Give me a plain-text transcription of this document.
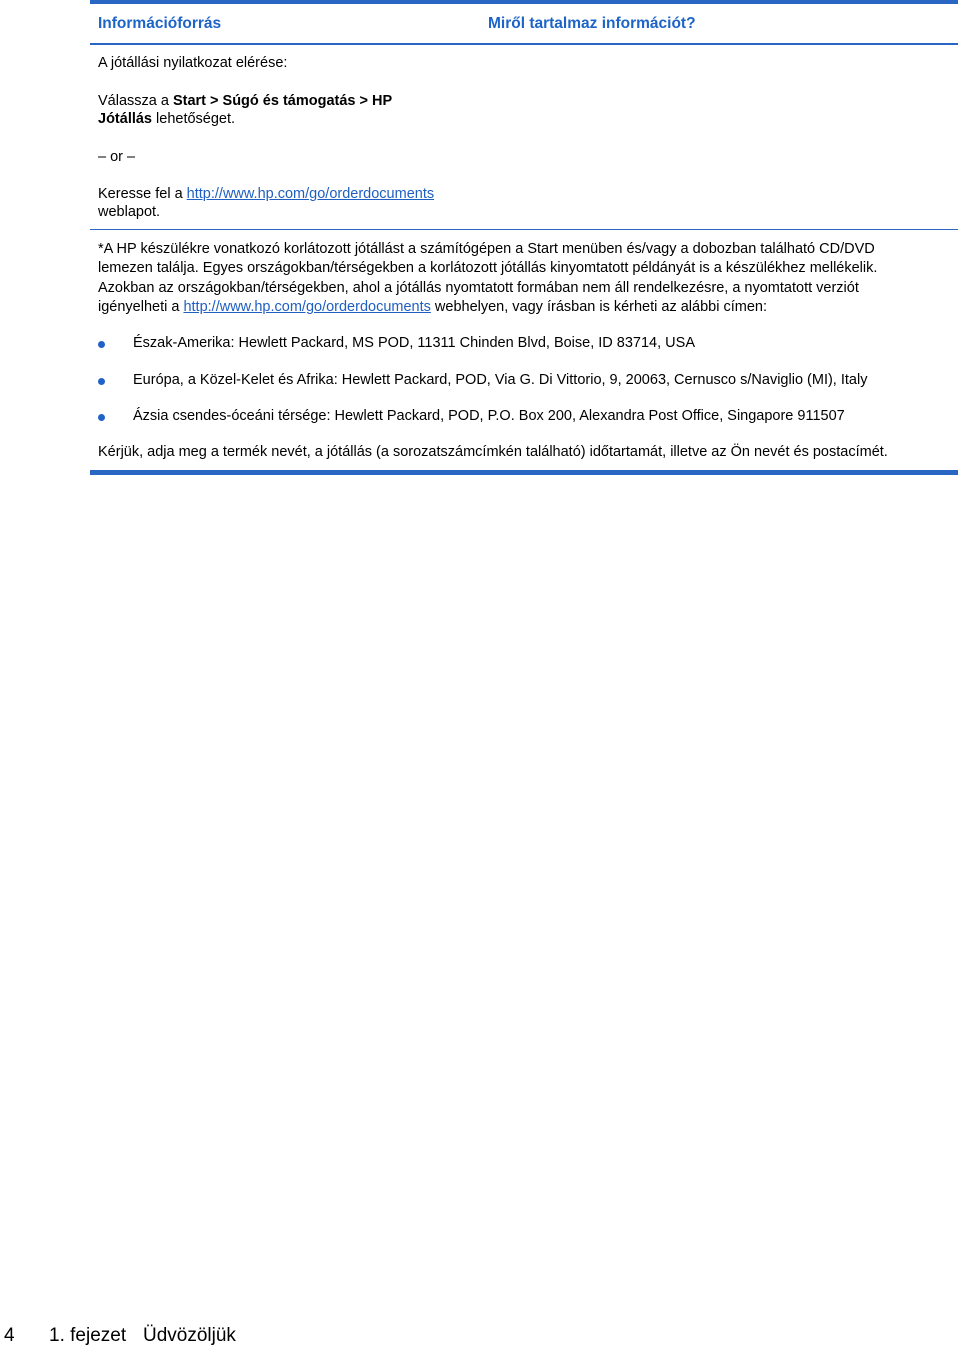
Információforrás	Miről tartalmaz információt?
A jótállási nyilatkozat elérése:
Válassza a Start > Súgó és támogatás > HP
Jótállás lehetőséget.
– or –
Keresse fel a http://www.hp.com/go/orderdocuments
weblapot.
*A HP készülékre vonatkozó korlátozott jótállást a számítógépen a Start menüben és/vagy a dobozban található CD/DVD
lemezen találja. Egyes országokban/térségekben a korlátozott jótállás kinyomtatott példányát is a készülékhez mellékelik.
Azokban az országokban/térségekben, ahol a jótállás nyomtatott formában nem áll rendelkezésre, a nyomtatott verziót
igényelheti a http://www.hp.com/go/orderdocuments webhelyen, vagy írásban is kérheti az alábbi címen:
Észak-Amerika: Hewlett Packard, MS POD, 11311 Chinden Blvd, Boise, ID 83714, USA
Európa, a Közel-Kelet és Afrika: Hewlett Packard, POD, Via G. Di Vittorio, 9, 20063, Cernusco s/Naviglio (MI), Italy
Ázsia csendes-óceáni térsége: Hewlett Packard, POD, P.O. Box 200, Alexandra Post Office, Singapore 911507
Kérjük, adja meg a termék nevét, a jótállás (a sorozatszámcímkén található) időtartamát, illetve az Ön nevét és postacímét.
4 1. fejezet Üdvözöljük
